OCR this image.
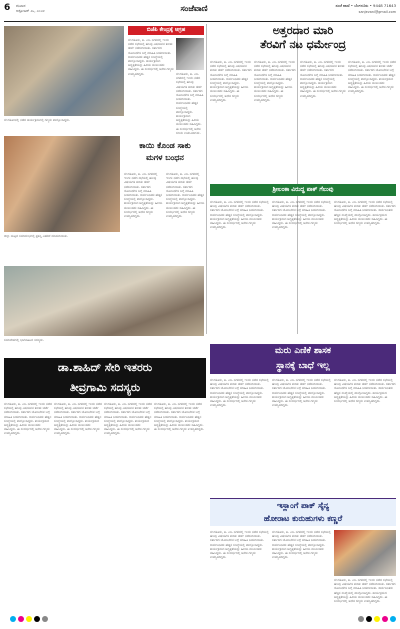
6 ಶನಿವಾರ
ಅಕ್ಟೋಬರ್ ೨೬, ೨೦೨೪	ಸಂಜೆವಾಣಿ	ಸಂಜೆ ವಾಣಿ • ಬೆಂಗಳೂರು • 9448 71643
sanjevani@gmail.com
ಬೆಂಗಳೂರಿನಲ್ಲಿ ನಡೆದ ಕಾರ್ಯಕ್ರಮದಲ್ಲಿ ಗಣ್ಯರು ಪಾಲ್ಗೊಂಡಿದ್ದರು.
ಬಿಜೆಪಿ ಕೇಂದ್ರಕ್ಕೆ ಆಗ್ರಹ
ಬೆಂಗಳೂರು, ಅ. ೨೫- ನಗರದಲ್ಲಿ ಇಂದು ನಡೆದ ಸಭೆಯಲ್ಲಿ ಹಲವು ವಿಷಯಗಳ ಕುರಿತು ಚರ್ಚೆ ನಡೆಸಲಾಯಿತು. ಸರ್ಕಾರದ ಯೋಜನೆಗಳ ಬಗ್ಗೆ ಮಾಹಿತಿ ನೀಡಲಾಯಿತು. ಸಾರ್ವಜನಿಕರು ಹೆಚ್ಚಿನ ಸಂಖ್ಯೆಯಲ್ಲಿ ಪಾಲ್ಗೊಂಡಿದ್ದರು. ಕಾರ್ಯಕ್ರಮದ ಅಧ್ಯಕ್ಷತೆಯನ್ನು ಹಿರಿಯ ಮುಖಂಡರು ವಹಿಸಿದ್ದರು. ಈ ಸಂದರ್ಭದಲ್ಲಿ ಅನೇಕ ಗಣ್ಯರು ಉಪಸ್ಥಿತರಿದ್ದರು.	ಬೆಂಗಳೂರು, ಅ. ೨೫- ನಗರದಲ್ಲಿ ಇಂದು ನಡೆದ ಸಭೆಯಲ್ಲಿ ಹಲವು ವಿಷಯಗಳ ಕುರಿತು ಚರ್ಚೆ ನಡೆಸಲಾಯಿತು. ಸರ್ಕಾರದ ಯೋಜನೆಗಳ ಬಗ್ಗೆ ಮಾಹಿತಿ ನೀಡಲಾಯಿತು. ಸಾರ್ವಜನಿಕರು ಹೆಚ್ಚಿನ ಸಂಖ್ಯೆಯಲ್ಲಿ ಪಾಲ್ಗೊಂಡಿದ್ದರು. ಕಾರ್ಯಕ್ರಮದ ಅಧ್ಯಕ್ಷತೆಯನ್ನು ಹಿರಿಯ ಮುಖಂಡರು ವಹಿಸಿದ್ದರು. ಈ ಸಂದರ್ಭದಲ್ಲಿ ಅನೇಕ ಗಣ್ಯರು ಉಪಸ್ಥಿತರಿದ್ದರು.
ಅತ್ತರದಾರ ಮಾರಿ
ತೆರವಿಗೆ ನಟ ಧರ್ಮೇಂದ್ರ
ಬೆಂಗಳೂರು, ಅ. ೨೫- ನಗರದಲ್ಲಿ ಇಂದು ನಡೆದ ಸಭೆಯಲ್ಲಿ ಹಲವು ವಿಷಯಗಳ ಕುರಿತು ಚರ್ಚೆ ನಡೆಸಲಾಯಿತು. ಸರ್ಕಾರದ ಯೋಜನೆಗಳ ಬಗ್ಗೆ ಮಾಹಿತಿ ನೀಡಲಾಯಿತು. ಸಾರ್ವಜನಿಕರು ಹೆಚ್ಚಿನ ಸಂಖ್ಯೆಯಲ್ಲಿ ಪಾಲ್ಗೊಂಡಿದ್ದರು. ಕಾರ್ಯಕ್ರಮದ ಅಧ್ಯಕ್ಷತೆಯನ್ನು ಹಿರಿಯ ಮುಖಂಡರು ವಹಿಸಿದ್ದರು. ಈ ಸಂದರ್ಭದಲ್ಲಿ ಅನೇಕ ಗಣ್ಯರು ಉಪಸ್ಥಿತರಿದ್ದರು.
ಬೆಂಗಳೂರು, ಅ. ೨೫- ನಗರದಲ್ಲಿ ಇಂದು ನಡೆದ ಸಭೆಯಲ್ಲಿ ಹಲವು ವಿಷಯಗಳ ಕುರಿತು ಚರ್ಚೆ ನಡೆಸಲಾಯಿತು. ಸರ್ಕಾರದ ಯೋಜನೆಗಳ ಬಗ್ಗೆ ಮಾಹಿತಿ ನೀಡಲಾಯಿತು. ಸಾರ್ವಜನಿಕರು ಹೆಚ್ಚಿನ ಸಂಖ್ಯೆಯಲ್ಲಿ ಪಾಲ್ಗೊಂಡಿದ್ದರು. ಕಾರ್ಯಕ್ರಮದ ಅಧ್ಯಕ್ಷತೆಯನ್ನು ಹಿರಿಯ ಮುಖಂಡರು ವಹಿಸಿದ್ದರು. ಈ ಸಂದರ್ಭದಲ್ಲಿ ಅನೇಕ ಗಣ್ಯರು ಉಪಸ್ಥಿತರಿದ್ದರು.
ಬೆಂಗಳೂರು, ಅ. ೨೫- ನಗರದಲ್ಲಿ ಇಂದು ನಡೆದ ಸಭೆಯಲ್ಲಿ ಹಲವು ವಿಷಯಗಳ ಕುರಿತು ಚರ್ಚೆ ನಡೆಸಲಾಯಿತು. ಸರ್ಕಾರದ ಯೋಜನೆಗಳ ಬಗ್ಗೆ ಮಾಹಿತಿ ನೀಡಲಾಯಿತು. ಸಾರ್ವಜನಿಕರು ಹೆಚ್ಚಿನ ಸಂಖ್ಯೆಯಲ್ಲಿ ಪಾಲ್ಗೊಂಡಿದ್ದರು. ಕಾರ್ಯಕ್ರಮದ ಅಧ್ಯಕ್ಷತೆಯನ್ನು ಹಿರಿಯ ಮುಖಂಡರು ವಹಿಸಿದ್ದರು. ಈ ಸಂದರ್ಭದಲ್ಲಿ ಅನೇಕ ಗಣ್ಯರು ಉಪಸ್ಥಿತರಿದ್ದರು.
ಬೆಂಗಳೂರು, ಅ. ೨೫- ನಗರದಲ್ಲಿ ಇಂದು ನಡೆದ ಸಭೆಯಲ್ಲಿ ಹಲವು ವಿಷಯಗಳ ಕುರಿತು ಚರ್ಚೆ ನಡೆಸಲಾಯಿತು. ಸರ್ಕಾರದ ಯೋಜನೆಗಳ ಬಗ್ಗೆ ಮಾಹಿತಿ ನೀಡಲಾಯಿತು. ಸಾರ್ವಜನಿಕರು ಹೆಚ್ಚಿನ ಸಂಖ್ಯೆಯಲ್ಲಿ ಪಾಲ್ಗೊಂಡಿದ್ದರು. ಕಾರ್ಯಕ್ರಮದ ಅಧ್ಯಕ್ಷತೆಯನ್ನು ಹಿರಿಯ ಮುಖಂಡರು ವಹಿಸಿದ್ದರು. ಈ ಸಂದರ್ಭದಲ್ಲಿ ಅನೇಕ ಗಣ್ಯರು ಉಪಸ್ಥಿತರಿದ್ದರು.
ಕಾಯಿ ಕೊಂಡ ಸಾಕು
ಮಗಳ ಬಂಧನ
ಬೆಂಗಳೂರು, ಅ. ೨೫- ನಗರದಲ್ಲಿ ಇಂದು ನಡೆದ ಸಭೆಯಲ್ಲಿ ಹಲವು ವಿಷಯಗಳ ಕುರಿತು ಚರ್ಚೆ ನಡೆಸಲಾಯಿತು. ಸರ್ಕಾರದ ಯೋಜನೆಗಳ ಬಗ್ಗೆ ಮಾಹಿತಿ ನೀಡಲಾಯಿತು. ಸಾರ್ವಜನಿಕರು ಹೆಚ್ಚಿನ ಸಂಖ್ಯೆಯಲ್ಲಿ ಪಾಲ್ಗೊಂಡಿದ್ದರು. ಕಾರ್ಯಕ್ರಮದ ಅಧ್ಯಕ್ಷತೆಯನ್ನು ಹಿರಿಯ ಮುಖಂಡರು ವಹಿಸಿದ್ದರು. ಈ ಸಂದರ್ಭದಲ್ಲಿ ಅನೇಕ ಗಣ್ಯರು ಉಪಸ್ಥಿತರಿದ್ದರು.
ಬೆಂಗಳೂರು, ಅ. ೨೫- ನಗರದಲ್ಲಿ ಇಂದು ನಡೆದ ಸಭೆಯಲ್ಲಿ ಹಲವು ವಿಷಯಗಳ ಕುರಿತು ಚರ್ಚೆ ನಡೆಸಲಾಯಿತು. ಸರ್ಕಾರದ ಯೋಜನೆಗಳ ಬಗ್ಗೆ ಮಾಹಿತಿ ನೀಡಲಾಯಿತು. ಸಾರ್ವಜನಿಕರು ಹೆಚ್ಚಿನ ಸಂಖ್ಯೆಯಲ್ಲಿ ಪಾಲ್ಗೊಂಡಿದ್ದರು. ಕಾರ್ಯಕ್ರಮದ ಅಧ್ಯಕ್ಷತೆಯನ್ನು ಹಿರಿಯ ಮುಖಂಡರು ವಹಿಸಿದ್ದರು. ಈ ಸಂದರ್ಭದಲ್ಲಿ ಅನೇಕ ಗಣ್ಯರು ಉಪಸ್ಥಿತರಿದ್ದರು.
ಜಿಲ್ಲಾ ಮಟ್ಟದ ಸಮಾರಂಭದಲ್ಲಿ ಪ್ರಶಸ್ತಿ ವಿತರಣೆ ಮಾಡಲಾಯಿತು.
ಶ್ರೀಲಂಕಾ ವಿರುದ್ಧ ಪಾಕ್ ಗೆಲುವು
ಬೆಂಗಳೂರು, ಅ. ೨೫- ನಗರದಲ್ಲಿ ಇಂದು ನಡೆದ ಸಭೆಯಲ್ಲಿ ಹಲವು ವಿಷಯಗಳ ಕುರಿತು ಚರ್ಚೆ ನಡೆಸಲಾಯಿತು. ಸರ್ಕಾರದ ಯೋಜನೆಗಳ ಬಗ್ಗೆ ಮಾಹಿತಿ ನೀಡಲಾಯಿತು. ಸಾರ್ವಜನಿಕರು ಹೆಚ್ಚಿನ ಸಂಖ್ಯೆಯಲ್ಲಿ ಪಾಲ್ಗೊಂಡಿದ್ದರು. ಕಾರ್ಯಕ್ರಮದ ಅಧ್ಯಕ್ಷತೆಯನ್ನು ಹಿರಿಯ ಮುಖಂಡರು ವಹಿಸಿದ್ದರು. ಈ ಸಂದರ್ಭದಲ್ಲಿ ಅನೇಕ ಗಣ್ಯರು ಉಪಸ್ಥಿತರಿದ್ದರು.
ಬೆಂಗಳೂರು, ಅ. ೨೫- ನಗರದಲ್ಲಿ ಇಂದು ನಡೆದ ಸಭೆಯಲ್ಲಿ ಹಲವು ವಿಷಯಗಳ ಕುರಿತು ಚರ್ಚೆ ನಡೆಸಲಾಯಿತು. ಸರ್ಕಾರದ ಯೋಜನೆಗಳ ಬಗ್ಗೆ ಮಾಹಿತಿ ನೀಡಲಾಯಿತು. ಸಾರ್ವಜನಿಕರು ಹೆಚ್ಚಿನ ಸಂಖ್ಯೆಯಲ್ಲಿ ಪಾಲ್ಗೊಂಡಿದ್ದರು. ಕಾರ್ಯಕ್ರಮದ ಅಧ್ಯಕ್ಷತೆಯನ್ನು ಹಿರಿಯ ಮುಖಂಡರು ವಹಿಸಿದ್ದರು. ಈ ಸಂದರ್ಭದಲ್ಲಿ ಅನೇಕ ಗಣ್ಯರು ಉಪಸ್ಥಿತರಿದ್ದರು.
ಬೆಂಗಳೂರು, ಅ. ೨೫- ನಗರದಲ್ಲಿ ಇಂದು ನಡೆದ ಸಭೆಯಲ್ಲಿ ಹಲವು ವಿಷಯಗಳ ಕುರಿತು ಚರ್ಚೆ ನಡೆಸಲಾಯಿತು. ಸರ್ಕಾರದ ಯೋಜನೆಗಳ ಬಗ್ಗೆ ಮಾಹಿತಿ ನೀಡಲಾಯಿತು. ಸಾರ್ವಜನಿಕರು ಹೆಚ್ಚಿನ ಸಂಖ್ಯೆಯಲ್ಲಿ ಪಾಲ್ಗೊಂಡಿದ್ದರು. ಕಾರ್ಯಕ್ರಮದ ಅಧ್ಯಕ್ಷತೆಯನ್ನು ಹಿರಿಯ ಮುಖಂಡರು ವಹಿಸಿದ್ದರು. ಈ ಸಂದರ್ಭದಲ್ಲಿ ಅನೇಕ ಗಣ್ಯರು ಉಪಸ್ಥಿತರಿದ್ದರು.
ಸಮಾವೇಶದಲ್ಲಿ ಭಾಗವಹಿಸಿದ ಸದಸ್ಯರು.
ಮರು ಎಣಿಕೆ ಶಾಸಕ
ಸ್ಥಾನಕ್ಕೆ ಬಾಧೆ ಇಲ್ಲ
ಡಾ.ಶಾಹಿದ್ ಸೇರಿ ಇತರರು
ತೀವ್ರಗಾಮಿ ಸದಸ್ಯರು
ಬೆಂಗಳೂರು, ಅ. ೨೫- ನಗರದಲ್ಲಿ ಇಂದು ನಡೆದ ಸಭೆಯಲ್ಲಿ ಹಲವು ವಿಷಯಗಳ ಕುರಿತು ಚರ್ಚೆ ನಡೆಸಲಾಯಿತು. ಸರ್ಕಾರದ ಯೋಜನೆಗಳ ಬಗ್ಗೆ ಮಾಹಿತಿ ನೀಡಲಾಯಿತು. ಸಾರ್ವಜನಿಕರು ಹೆಚ್ಚಿನ ಸಂಖ್ಯೆಯಲ್ಲಿ ಪಾಲ್ಗೊಂಡಿದ್ದರು. ಕಾರ್ಯಕ್ರಮದ ಅಧ್ಯಕ್ಷತೆಯನ್ನು ಹಿರಿಯ ಮುಖಂಡರು ವಹಿಸಿದ್ದರು. ಈ ಸಂದರ್ಭದಲ್ಲಿ ಅನೇಕ ಗಣ್ಯರು ಉಪಸ್ಥಿತರಿದ್ದರು.
ಬೆಂಗಳೂರು, ಅ. ೨೫- ನಗರದಲ್ಲಿ ಇಂದು ನಡೆದ ಸಭೆಯಲ್ಲಿ ಹಲವು ವಿಷಯಗಳ ಕುರಿತು ಚರ್ಚೆ ನಡೆಸಲಾಯಿತು. ಸರ್ಕಾರದ ಯೋಜನೆಗಳ ಬಗ್ಗೆ ಮಾಹಿತಿ ನೀಡಲಾಯಿತು. ಸಾರ್ವಜನಿಕರು ಹೆಚ್ಚಿನ ಸಂಖ್ಯೆಯಲ್ಲಿ ಪಾಲ್ಗೊಂಡಿದ್ದರು. ಕಾರ್ಯಕ್ರಮದ ಅಧ್ಯಕ್ಷತೆಯನ್ನು ಹಿರಿಯ ಮುಖಂಡರು ವಹಿಸಿದ್ದರು. ಈ ಸಂದರ್ಭದಲ್ಲಿ ಅನೇಕ ಗಣ್ಯರು ಉಪಸ್ಥಿತರಿದ್ದರು.
ಬೆಂಗಳೂರು, ಅ. ೨೫- ನಗರದಲ್ಲಿ ಇಂದು ನಡೆದ ಸಭೆಯಲ್ಲಿ ಹಲವು ವಿಷಯಗಳ ಕುರಿತು ಚರ್ಚೆ ನಡೆಸಲಾಯಿತು. ಸರ್ಕಾರದ ಯೋಜನೆಗಳ ಬಗ್ಗೆ ಮಾಹಿತಿ ನೀಡಲಾಯಿತು. ಸಾರ್ವಜನಿಕರು ಹೆಚ್ಚಿನ ಸಂಖ್ಯೆಯಲ್ಲಿ ಪಾಲ್ಗೊಂಡಿದ್ದರು. ಕಾರ್ಯಕ್ರಮದ ಅಧ್ಯಕ್ಷತೆಯನ್ನು ಹಿರಿಯ ಮುಖಂಡರು ವಹಿಸಿದ್ದರು. ಈ ಸಂದರ್ಭದಲ್ಲಿ ಅನೇಕ ಗಣ್ಯರು ಉಪಸ್ಥಿತರಿದ್ದರು.
ಬೆಂಗಳೂರು, ಅ. ೨೫- ನಗರದಲ್ಲಿ ಇಂದು ನಡೆದ ಸಭೆಯಲ್ಲಿ ಹಲವು ವಿಷಯಗಳ ಕುರಿತು ಚರ್ಚೆ ನಡೆಸಲಾಯಿತು. ಸರ್ಕಾರದ ಯೋಜನೆಗಳ ಬಗ್ಗೆ ಮಾಹಿತಿ ನೀಡಲಾಯಿತು. ಸಾರ್ವಜನಿಕರು ಹೆಚ್ಚಿನ ಸಂಖ್ಯೆಯಲ್ಲಿ ಪಾಲ್ಗೊಂಡಿದ್ದರು. ಕಾರ್ಯಕ್ರಮದ ಅಧ್ಯಕ್ಷತೆಯನ್ನು ಹಿರಿಯ ಮುಖಂಡರು ವಹಿಸಿದ್ದರು. ಈ ಸಂದರ್ಭದಲ್ಲಿ ಅನೇಕ ಗಣ್ಯರು ಉಪಸ್ಥಿತರಿದ್ದರು.
ಬೆಂಗಳೂರು, ಅ. ೨೫- ನಗರದಲ್ಲಿ ಇಂದು ನಡೆದ ಸಭೆಯಲ್ಲಿ ಹಲವು ವಿಷಯಗಳ ಕುರಿತು ಚರ್ಚೆ ನಡೆಸಲಾಯಿತು. ಸರ್ಕಾರದ ಯೋಜನೆಗಳ ಬಗ್ಗೆ ಮಾಹಿತಿ ನೀಡಲಾಯಿತು. ಸಾರ್ವಜನಿಕರು ಹೆಚ್ಚಿನ ಸಂಖ್ಯೆಯಲ್ಲಿ ಪಾಲ್ಗೊಂಡಿದ್ದರು. ಕಾರ್ಯಕ್ರಮದ ಅಧ್ಯಕ್ಷತೆಯನ್ನು ಹಿರಿಯ ಮುಖಂಡರು ವಹಿಸಿದ್ದರು. ಈ ಸಂದರ್ಭದಲ್ಲಿ ಅನೇಕ ಗಣ್ಯರು ಉಪಸ್ಥಿತರಿದ್ದರು.
ಬೆಂಗಳೂರು, ಅ. ೨೫- ನಗರದಲ್ಲಿ ಇಂದು ನಡೆದ ಸಭೆಯಲ್ಲಿ ಹಲವು ವಿಷಯಗಳ ಕುರಿತು ಚರ್ಚೆ ನಡೆಸಲಾಯಿತು. ಸರ್ಕಾರದ ಯೋಜನೆಗಳ ಬಗ್ಗೆ ಮಾಹಿತಿ ನೀಡಲಾಯಿತು. ಸಾರ್ವಜನಿಕರು ಹೆಚ್ಚಿನ ಸಂಖ್ಯೆಯಲ್ಲಿ ಪಾಲ್ಗೊಂಡಿದ್ದರು. ಕಾರ್ಯಕ್ರಮದ ಅಧ್ಯಕ್ಷತೆಯನ್ನು ಹಿರಿಯ ಮುಖಂಡರು ವಹಿಸಿದ್ದರು. ಈ ಸಂದರ್ಭದಲ್ಲಿ ಅನೇಕ ಗಣ್ಯರು ಉಪಸ್ಥಿತರಿದ್ದರು.
ಬೆಂಗಳೂರು, ಅ. ೨೫- ನಗರದಲ್ಲಿ ಇಂದು ನಡೆದ ಸಭೆಯಲ್ಲಿ ಹಲವು ವಿಷಯಗಳ ಕುರಿತು ಚರ್ಚೆ ನಡೆಸಲಾಯಿತು. ಸರ್ಕಾರದ ಯೋಜನೆಗಳ ಬಗ್ಗೆ ಮಾಹಿತಿ ನೀಡಲಾಯಿತು. ಸಾರ್ವಜನಿಕರು ಹೆಚ್ಚಿನ ಸಂಖ್ಯೆಯಲ್ಲಿ ಪಾಲ್ಗೊಂಡಿದ್ದರು. ಕಾರ್ಯಕ್ರಮದ ಅಧ್ಯಕ್ಷತೆಯನ್ನು ಹಿರಿಯ ಮುಖಂಡರು ವಹಿಸಿದ್ದರು. ಈ ಸಂದರ್ಭದಲ್ಲಿ ಅನೇಕ ಗಣ್ಯರು ಉಪಸ್ಥಿತರಿದ್ದರು.
ಇಸ್ಲಾಂಗೆ ಪಾಕ್ ಸೈನ್ಯ
ಹೋರಾಟ ಕುರುಹುಗಳು ಕಣ್ಣರೆ
ಬೆಂಗಳೂರು, ಅ. ೨೫- ನಗರದಲ್ಲಿ ಇಂದು ನಡೆದ ಸಭೆಯಲ್ಲಿ ಹಲವು ವಿಷಯಗಳ ಕುರಿತು ಚರ್ಚೆ ನಡೆಸಲಾಯಿತು. ಸರ್ಕಾರದ ಯೋಜನೆಗಳ ಬಗ್ಗೆ ಮಾಹಿತಿ ನೀಡಲಾಯಿತು. ಸಾರ್ವಜನಿಕರು ಹೆಚ್ಚಿನ ಸಂಖ್ಯೆಯಲ್ಲಿ ಪಾಲ್ಗೊಂಡಿದ್ದರು. ಕಾರ್ಯಕ್ರಮದ ಅಧ್ಯಕ್ಷತೆಯನ್ನು ಹಿರಿಯ ಮುಖಂಡರು ವಹಿಸಿದ್ದರು. ಈ ಸಂದರ್ಭದಲ್ಲಿ ಅನೇಕ ಗಣ್ಯರು ಉಪಸ್ಥಿತರಿದ್ದರು.
ಬೆಂಗಳೂರು, ಅ. ೨೫- ನಗರದಲ್ಲಿ ಇಂದು ನಡೆದ ಸಭೆಯಲ್ಲಿ ಹಲವು ವಿಷಯಗಳ ಕುರಿತು ಚರ್ಚೆ ನಡೆಸಲಾಯಿತು. ಸರ್ಕಾರದ ಯೋಜನೆಗಳ ಬಗ್ಗೆ ಮಾಹಿತಿ ನೀಡಲಾಯಿತು. ಸಾರ್ವಜನಿಕರು ಹೆಚ್ಚಿನ ಸಂಖ್ಯೆಯಲ್ಲಿ ಪಾಲ್ಗೊಂಡಿದ್ದರು. ಕಾರ್ಯಕ್ರಮದ ಅಧ್ಯಕ್ಷತೆಯನ್ನು ಹಿರಿಯ ಮುಖಂಡರು ವಹಿಸಿದ್ದರು. ಈ ಸಂದರ್ಭದಲ್ಲಿ ಅನೇಕ ಗಣ್ಯರು ಉಪಸ್ಥಿತರಿದ್ದರು.
ಬೆಂಗಳೂರು, ಅ. ೨೫- ನಗರದಲ್ಲಿ ಇಂದು ನಡೆದ ಸಭೆಯಲ್ಲಿ ಹಲವು ವಿಷಯಗಳ ಕುರಿತು ಚರ್ಚೆ ನಡೆಸಲಾಯಿತು. ಸರ್ಕಾರದ ಯೋಜನೆಗಳ ಬಗ್ಗೆ ಮಾಹಿತಿ ನೀಡಲಾಯಿತು. ಸಾರ್ವಜನಿಕರು ಹೆಚ್ಚಿನ ಸಂಖ್ಯೆಯಲ್ಲಿ ಪಾಲ್ಗೊಂಡಿದ್ದರು. ಕಾರ್ಯಕ್ರಮದ ಅಧ್ಯಕ್ಷತೆಯನ್ನು ಹಿರಿಯ ಮುಖಂಡರು ವಹಿಸಿದ್ದರು. ಈ ಸಂದರ್ಭದಲ್ಲಿ ಅನೇಕ ಗಣ್ಯರು ಉಪಸ್ಥಿತರಿದ್ದರು.
